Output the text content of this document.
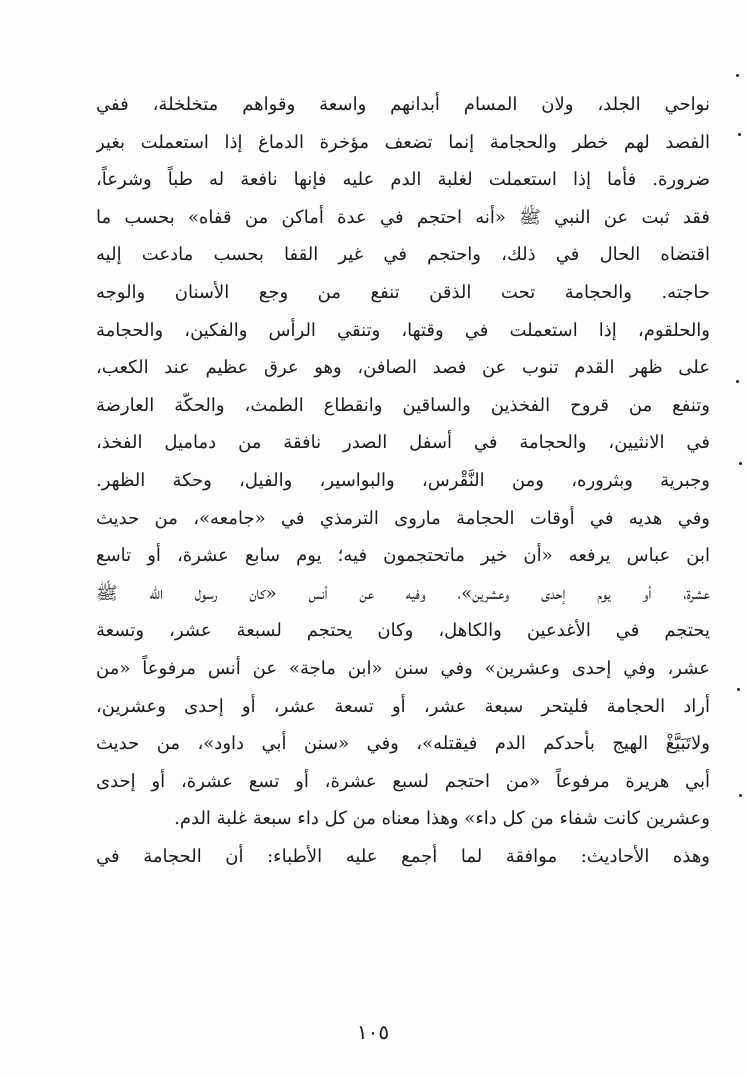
نواحي الجلد، ولان المسام أبدانهم واسعة وقواهم متخلخلة، ففي
الفصد لهم خطر والحجامة إنما تضعف مؤخرة الدماغ إذا استعملت بغير
ضرورة. فأما إذا استعملت لغلبة الدم عليه فإنها نافعة له طباً وشرعاً،
فقد ثبت عن النبي ﷺ «أنه احتجم في عدة أماكن من قفاه» بحسب ما
اقتضاه الحال في ذلك، واحتجم في غير القفا بحسب مادعت إليه
حاجته. والحجامة تحت الذقن تنفع من وجع الأسنان والوجه
والحلقوم، إذا استعملت في وقتها، وتنقي الرأس والفكين، والحجامة
على ظهر القدم تنوب عن فصد الصافن، وهو عرق عظيم عند الكعب،
وتنفع من قروح الفخذين والساقين وانقطاع الطمث، والحكّة العارضة
في الانثيين، والحجامة في أسفل الصدر نافقة من دماميل الفخذ،
وجبرية وبثروره، ومن النَّقْرس، والبواسير، والفيل، وحكة الظهر.
وفي هديه في أوقات الحجامة ماروى الترمذي في «جامعه»، من حديث
ابن عباس يرفعه «أن خير ماتحتجمون فيه؛ يوم سابع عشرة، أو تاسع
عشرة، أو يوم إحدى وعشرين»، وفيه عن أنس «كان رسول الله ﷺ
يحتجم في الأغدعين والكاهل، وكان يحتجم لسبعة عشر، وتسعة
عشر، وفي إحدى وعشرين» وفي سنن «ابن ماجة» عن أنس مرفوعاً «من
أراد الحجامة فليتحر سبعة عشر، أو تسعة عشر، أو إحدى وعشرين،
ولاتَبَيَّغْ الهيج بأحدكم الدم فيقتله»، وفي «سنن أبي داود»، من حديث
أبي هريرة مرفوعاً «من احتجم لسبع عشرة، أو تسع عشرة، أو إحدى
وعشرين كانت شفاء من كل داء» وهذا معناه من كل داء سبعة غلبة الدم.
وهذه الأحاديث: موافقة لما أجمع عليه الأطباء: أن الحجامة في
١٠٥
